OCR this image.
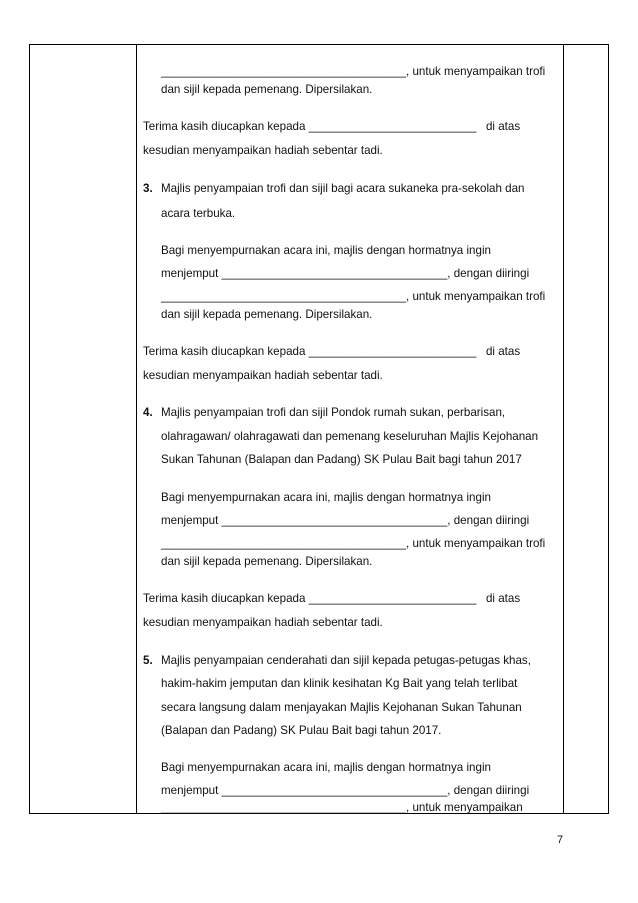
______________________________________, untuk menyampaikan trofi
dan sijil kepada pemenang. Dipersilakan.
Terima kasih diucapkan kepada __________________________ di atas
kesudian menyampaikan hadiah sebentar tadi.
3. Majlis penyampaian trofi dan sijil bagi acara sukaneka pra-sekolah dan
acara terbuka.
Bagi menyempurnakan acara ini, majlis dengan hormatnya ingin
menjemput ___________________________________, dengan diiringi
______________________________________, untuk menyampaikan trofi
dan sijil kepada pemenang. Dipersilakan.
Terima kasih diucapkan kepada __________________________ di atas
kesudian menyampaikan hadiah sebentar tadi.
4. Majlis penyampaian trofi dan sijil Pondok rumah sukan, perbarisan,
olahragawan/ olahragawati dan pemenang keseluruhan Majlis Kejohanan
Sukan Tahunan (Balapan dan Padang) SK Pulau Bait bagi tahun 2017
Bagi menyempurnakan acara ini, majlis dengan hormatnya ingin
menjemput ___________________________________, dengan diiringi
______________________________________, untuk menyampaikan trofi
dan sijil kepada pemenang. Dipersilakan.
Terima kasih diucapkan kepada __________________________ di atas
kesudian menyampaikan hadiah sebentar tadi.
5. Majlis penyampaian cenderahati dan sijil kepada petugas-petugas khas,
hakim-hakim jemputan dan klinik kesihatan Kg Bait yang telah terlibat
secara langsung dalam menjayakan Majlis Kejohanan Sukan Tahunan
(Balapan dan Padang) SK Pulau Bait bagi tahun 2017.
Bagi menyempurnakan acara ini, majlis dengan hormatnya ingin
menjemput ___________________________________, dengan diiringi
______________________________________, untuk menyampaikan

7
